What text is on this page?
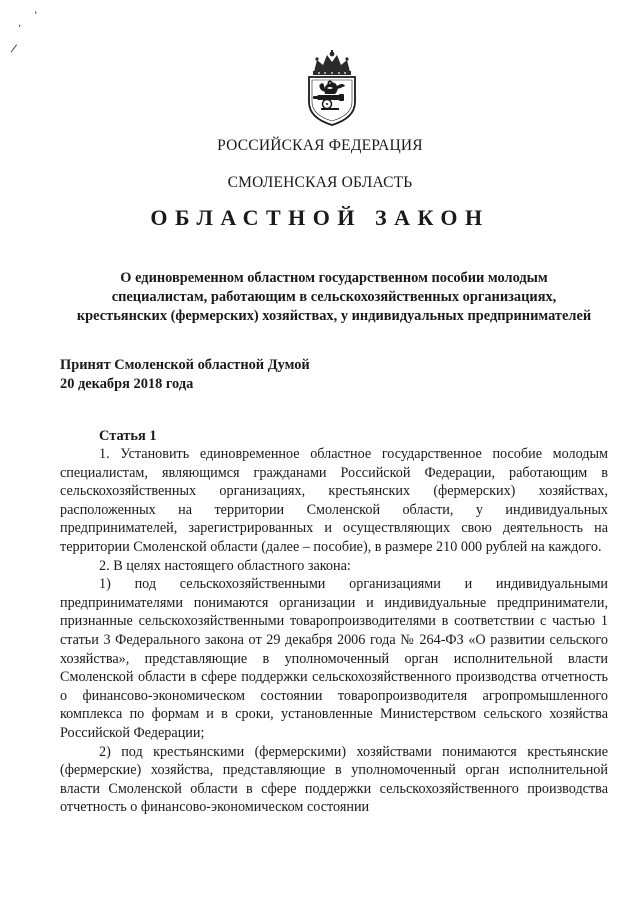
ʻ
ʼ
∕
РОССИЙСКАЯ ФЕДЕРАЦИЯ
СМОЛЕНСКАЯ ОБЛАСТЬ
ОБЛАСТНОЙ ЗАКОН
О единовременном областном государственном пособии молодым
специалистам, работающим в сельскохозяйственных организациях,
крестьянских (фермерских) хозяйствах, у индивидуальных предпринимателей
Принят Смоленской областной Думой
20 декабря 2018 года
Статья 1

1. Установить единовременное областное государственное пособие молодым специалистам, являющимся гражданами Российской Федерации, работающим в сельскохозяйственных организациях, крестьянских (фермерских) хозяйствах, расположенных на территории Смоленской области, у индивидуальных предпринимателей, зарегистрированных и осуществляющих свою деятельность на территории Смоленской области (далее – пособие), в размере 210 000 рублей на каждого.

2. В целях настоящего областного закона:

1) под сельскохозяйственными организациями и индивидуальными предпринимателями понимаются организации и индивидуальные предприниматели, признанные сельскохозяйственными товаропроизводителями в соответствии с частью 1 статьи 3 Федерального закона от 29 декабря 2006 года № 264-ФЗ «О развитии сельского хозяйства», представляющие в уполномоченный орган исполнительной власти Смоленской области в сфере поддержки сельскохозяйственного производства отчетность о финансово-экономическом состоянии товаропроизводителя агропромышленного комплекса по формам и в сроки, установленные Министерством сельского хозяйства Российской Федерации;

2) под крестьянскими (фермерскими) хозяйствами понимаются крестьянские (фермерские) хозяйства, представляющие в уполномоченный орган исполнительной власти Смоленской области в сфере поддержки сельскохозяйственного производства отчетность о финансово-экономическом состоянии
